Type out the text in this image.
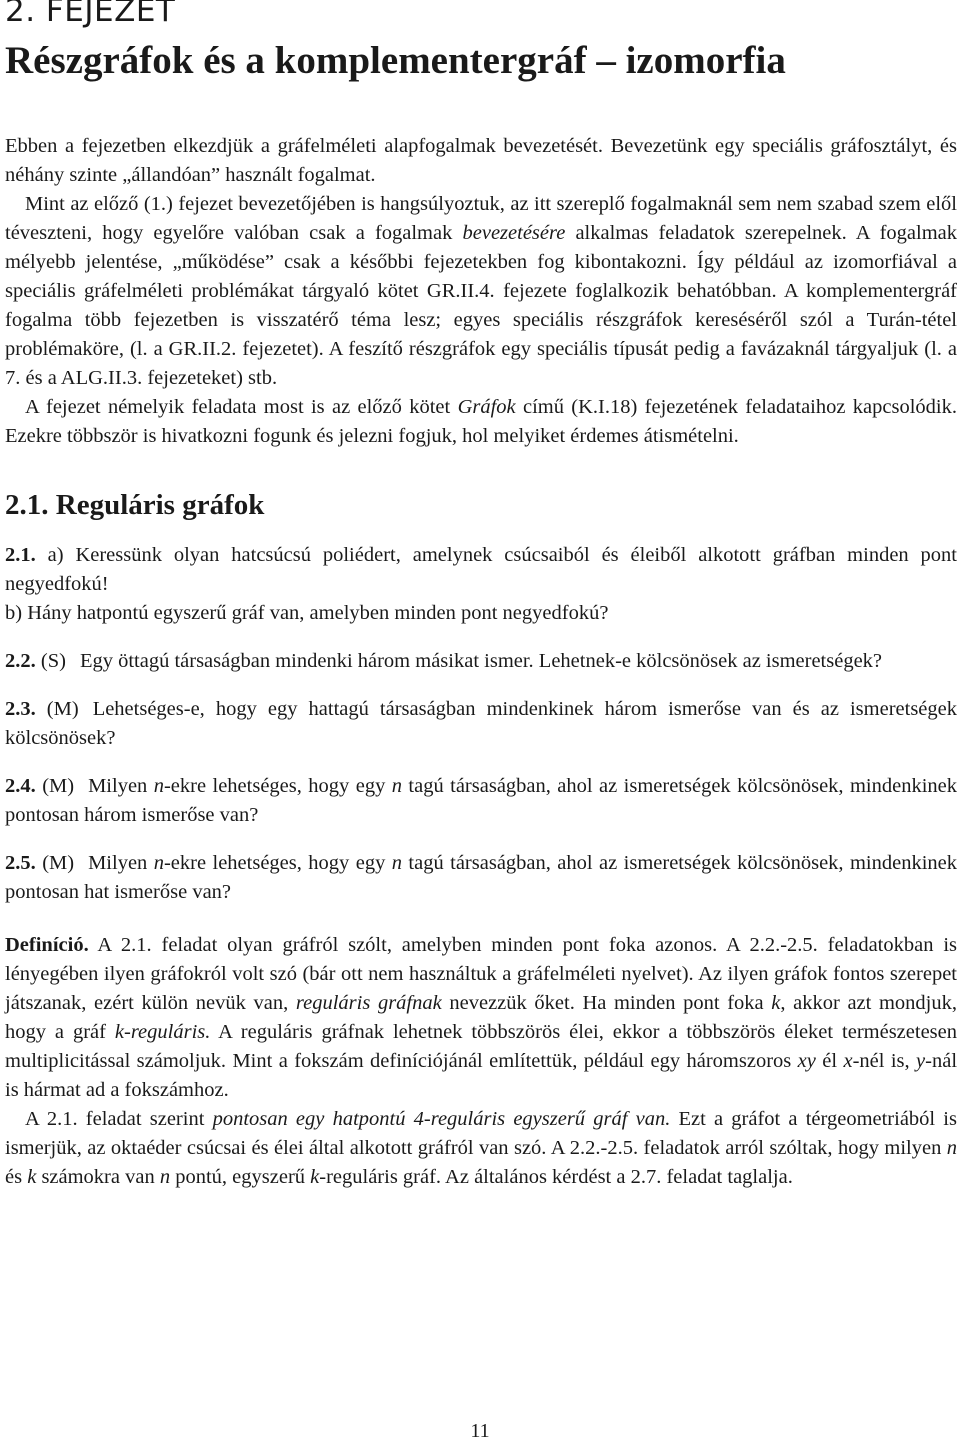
2. FEJEZET
Részgráfok és a komplementergráf – izomorfia

Ebben a fejezetben elkezdjük a gráfelméleti alapfogalmak bevezetését. Bevezetünk egy speciális gráfosztályt, és néhány szinte „állandóan” használt fogalmat.

Mint az előző (1.) fejezet bevezetőjében is hangsúlyoztuk, az itt szereplő fogalmaknál sem nem szabad szem elől téveszteni, hogy egyelőre valóban csak a fogalmak bevezetésére alkalmas feladatok szerepelnek. A fogalmak mélyebb jelentése, „működése” csak a későbbi fejezetekben fog kibontakozni. Így például az izomorfiával a speciális gráfelméleti problémákat tárgyaló kötet GR.II.4. fejezete foglalkozik behatóbban. A komplementergráf fogalma több fejezetben is visszatérő téma lesz; egyes speciális részgráfok kereséséről szól a Turán-tétel problémaköre, (l. a GR.II.2. fejezetet). A feszítő részgráfok egy speciális típusát pedig a favázaknál tárgyaljuk (l. a 7. és a ALG.II.3. fejezeteket) stb.

A fejezet némelyik feladata most is az előző kötet Gráfok című (K.I.18) fejezetének feladataihoz kapcsolódik. Ezekre többször is hivatkozni fogunk és jelezni fogjuk, hol melyiket érdemes átismételni.

2.1. Reguláris gráfok

2.1. a) Keressünk olyan hatcsúcsú poliédert, amelynek csúcsaiból és éleiből alkotott gráfban minden pont negyedfokú!

b) Hány hatpontú egyszerű gráf van, amelyben minden pont negyedfokú?

2.2. (S) Egy öttagú társaságban mindenki három másikat ismer. Lehetnek-e kölcsönösek az ismeretségek?

2.3. (M) Lehetséges-e, hogy egy hattagú társaságban mindenkinek három ismerőse van és az ismeretségek kölcsönösek?

2.4. (M) Milyen n-ekre lehetséges, hogy egy n tagú társaságban, ahol az ismeretségek kölcsönösek, mindenkinek pontosan három ismerőse van?

2.5. (M) Milyen n-ekre lehetséges, hogy egy n tagú társaságban, ahol az ismeretségek kölcsönösek, mindenkinek pontosan hat ismerőse van?

Definíció. A 2.1. feladat olyan gráfról szólt, amelyben minden pont foka azonos. A 2.2.-2.5. feladatokban is lényegében ilyen gráfokról volt szó (bár ott nem használtuk a gráfelméleti nyelvet). Az ilyen gráfok fontos szerepet játszanak, ezért külön nevük van, reguláris gráfnak nevezzük őket. Ha minden pont foka k, akkor azt mondjuk, hogy a gráf k-reguláris. A reguláris gráfnak lehetnek többszörös élei, ekkor a többszörös éleket természetesen multiplicitással számoljuk. Mint a fokszám definíciójánál említettük, például egy háromszoros xy él x-nél is, y-nál is hármat ad a fokszámhoz.

A 2.1. feladat szerint pontosan egy hatpontú 4-reguláris egyszerű gráf van. Ezt a gráfot a térgeometriából is ismerjük, az oktaéder csúcsai és élei által alkotott gráfról van szó. A 2.2.-2.5. feladatok arról szóltak, hogy milyen n és k számokra van n pontú, egyszerű k-reguláris gráf. Az általános kérdést a 2.7. feladat taglalja.

11
